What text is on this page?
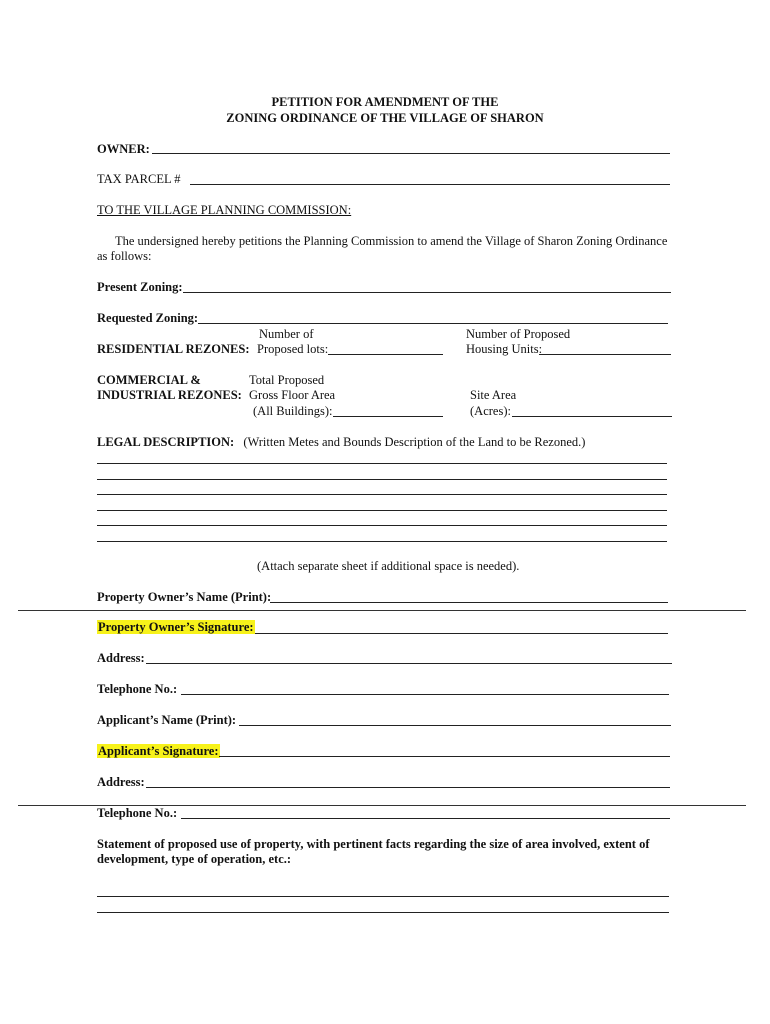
PETITION FOR AMENDMENT OF THE
ZONING ORDINANCE OF THE VILLAGE OF SHARON
OWNER:
TAX PARCEL #
TO THE VILLAGE PLANNING COMMISSION:
The undersigned hereby petitions the Planning Commission to amend the Village of Sharon Zoning Ordinance
as follows:
Present Zoning:
Requested Zoning:
Number of	Number of Proposed
RESIDENTIAL REZONES: Proposed lots:	Housing Units:
COMMERCIAL &	Total Proposed
INDUSTRIAL REZONES: Gross Floor Area	Site Area
(All Buildings):	(Acres):
LEGAL DESCRIPTION: (Written Metes and Bounds Description of the Land to be Rezoned.)
(Attach separate sheet if additional space is needed).
Property Owner’s Name (Print):
Property Owner’s Signature:
Address:
Telephone No.:
Applicant’s Name (Print):
Applicant’s Signature:
Address:
Telephone No.:
Statement of proposed use of property, with pertinent facts regarding the size of area involved, extent of
development, type of operation, etc.:
